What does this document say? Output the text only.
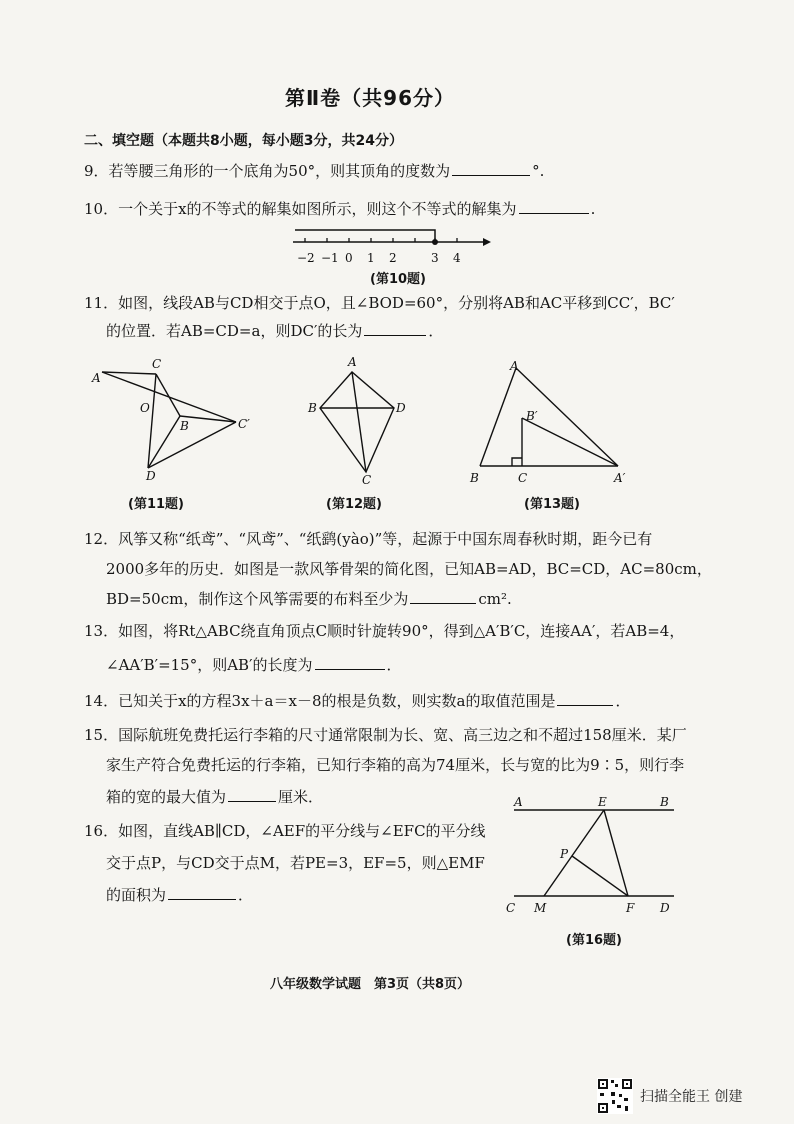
第Ⅱ卷（共96分）
二、填空题（本题共8小题，每小题3分，共24分）
9．若等腰三角形的一个底角为50°，则其顶角的度数为	°.
10．一个关于x的不等式的解集如图所示，则这个不等式的解集为	.
−2 −1 0 1 2	3 4
(第10题)
11．如图，线段AB与CD相交于点O，且∠BOD=60°，分别将AB和AC平移到CC′，BC′
的位置．若AB=CD=a，则DC′的长为	．
A
C
O
B	C′
D
(第11题)
A
B	D
C
(第12题)
A
B′
B	C	A′
(第13题)
12．风筝又称“纸鸢”、“风鸢”、“纸鹞(yào)”等，起源于中国东周春秋时期，距今已有
2000多年的历史．如图是一款风筝骨架的简化图，已知AB=AD，BC=CD，AC=80cm，
BD=50cm，制作这个风筝需要的布料至少为	cm².
13．如图，将Rt△ABC绕直角顶点C顺时针旋转90°，得到△A′B′C，连接AA′，若AB=4，
∠AA′B′=15°，则AB′的长度为	．
14．已知关于x的方程3x＋a＝x－8的根是负数，则实数a的取值范围是	．
15．国际航班免费托运行李箱的尺寸通常限制为长、宽、高三边之和不超过158厘米．某厂
家生产符合免费托运的行李箱，已知行李箱的高为74厘米，长与宽的比为9∶5，则行李
箱的宽的最大值为	厘米．
16．如图，直线AB∥CD，∠AEF的平分线与∠EFC的平分线
交于点P，与CD交于点M，若PE=3，EF=5，则△EMF
的面积为	．
A	E	B
P
C M	F D
(第16题)
八年级数学试题　第3页（共8页）
扫描全能王 创建
